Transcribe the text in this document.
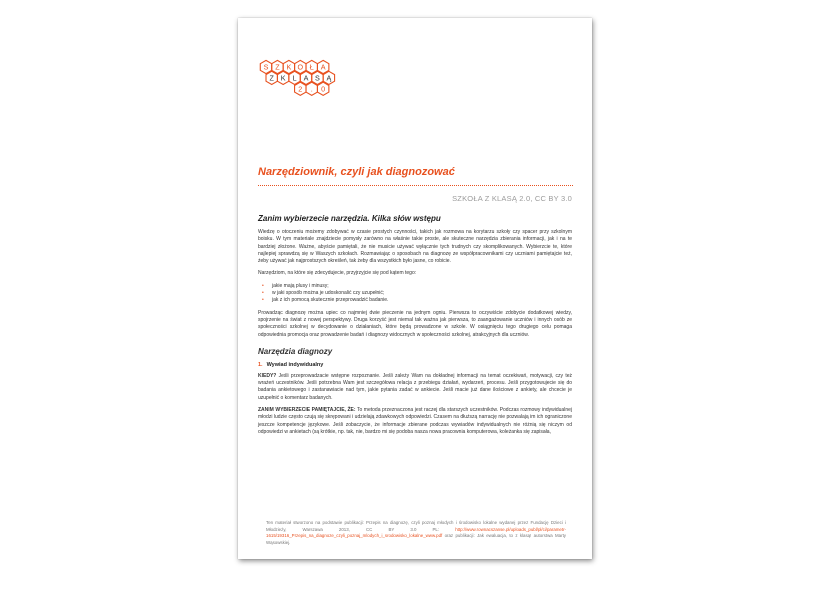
S Z K O Ł A
Z K L A S Ą
2 . 0
Narzędziownik, czyli jak diagnozować
SZKOŁA Z KLASĄ 2.0, CC BY 3.0
Zanim wybierzecie narzędzia. Kilka słów wstępu

Wiedzę o otoczeniu możemy zdobywać w czasie prostych czynności, takich jak rozmowa na korytarzu szkoły czy spacer przy szkolnym boisku. W tym materiale znajdziecie pomysły zarówno na właśnie takie proste, ale skuteczne narzędzia zbierania informacji, jak i na te bardziej złożone. Ważne, abyście pamiętali, że nie musicie używać wyłącznie tych trudnych czy skomplikowanych. Wybierzcie te, które najlepiej sprawdzą się w Waszych szkołach. Rozmawiając o sposobach na diagnozę ze współpracownikami czy uczniami pamiętajcie też, żeby używać jak najprostszych określeń, tak żeby dla wszystkich było jasne, co robicie.

Narzędziom, na które się zdecydujecie, przyjrzyjcie się pod kątem tego:

• jakie mają plusy i minusy;
• w jaki sposób można je udoskonalić czy uzupełnić;
• jak z ich pomocą skutecznie przeprowadzić badanie.

Prowadząc diagnozę można upiec co najmniej dwie pieczenie na jednym ogniu. Pierwsza to oczywiście zdobycie dodatkowej wiedzy, spojrzenie na świat z nowej perspektywy. Druga korzyść jest niemal tak ważna jak pierwsza, to zaangażowanie uczniów i innych osób ze społeczności szkolnej w decydowanie o działaniach, które będą prowadzone w szkole. W osiągnięciu tego drugiego celu pomaga odpowiednia promocja oraz prowadzenie badań i diagnozy widocznych w społeczności szkolnej, atrakcyjnych dla uczniów.

Narzędzia diagnozy
1. Wywiad indywidualny

KIEDY? Jeśli przeprowadzacie wstępne rozpoznanie. Jeśli zależy Wam na dokładnej informacji na temat oczekiwań, motywacji, czy też wrażeń uczestników. Jeśli potrzebna Wam jest szczegółowa relacja z przebiegu działań, wydarzeń, procesu. Jeśli przygotowujecie się do badania ankietowego i zastanawiacie nad tym, jakie pytania zadać w ankiecie. Jeśli macie już dane ilościowe z ankiety, ale chcecie je uzupełnić o komentarz badanych.

ZANIM WYBIERZECIE PAMIĘTAJCIE, ŻE: To metoda przeznaczona jest raczej dla starszych uczestników. Podczas rozmowy indywidualnej młodzi ludzie często czują się skrępowani i udzielają zdawkowych odpowiedzi. Czasem na dłuższą narrację nie pozwalają im ich ograniczone jeszcze kompetencje językowe. Jeśli zobaczycie, że informacje zbierane podczas wywiadów indywidualnych nie różnią się niczym od odpowiedzi w ankietach (są krótkie, np. tak, nie, bardzo mi się podoba nasza nowa pracownia komputerowa, koleżanka się zapisała,

Ten materiał stworzono na podstawie publikacji: Przepis na diagnozę, czyli poznaj młodych i środowisko lokalne wydanej przez Fundację Dzieci i Młodzieży, Warszawa 2013, CC BY 3.0 PL: http://www.rownacszanse.pl/uploads_publ/pl/ci/parametr-1615/19316_Przepis_na_diagnoze_czyli_poznaj_mlodych_i_srodowisko_lokalne_www.pdf oraz publikacji: Jak ewaluacja, to z klasą! autorstwa Marty Wąsowskiej.
